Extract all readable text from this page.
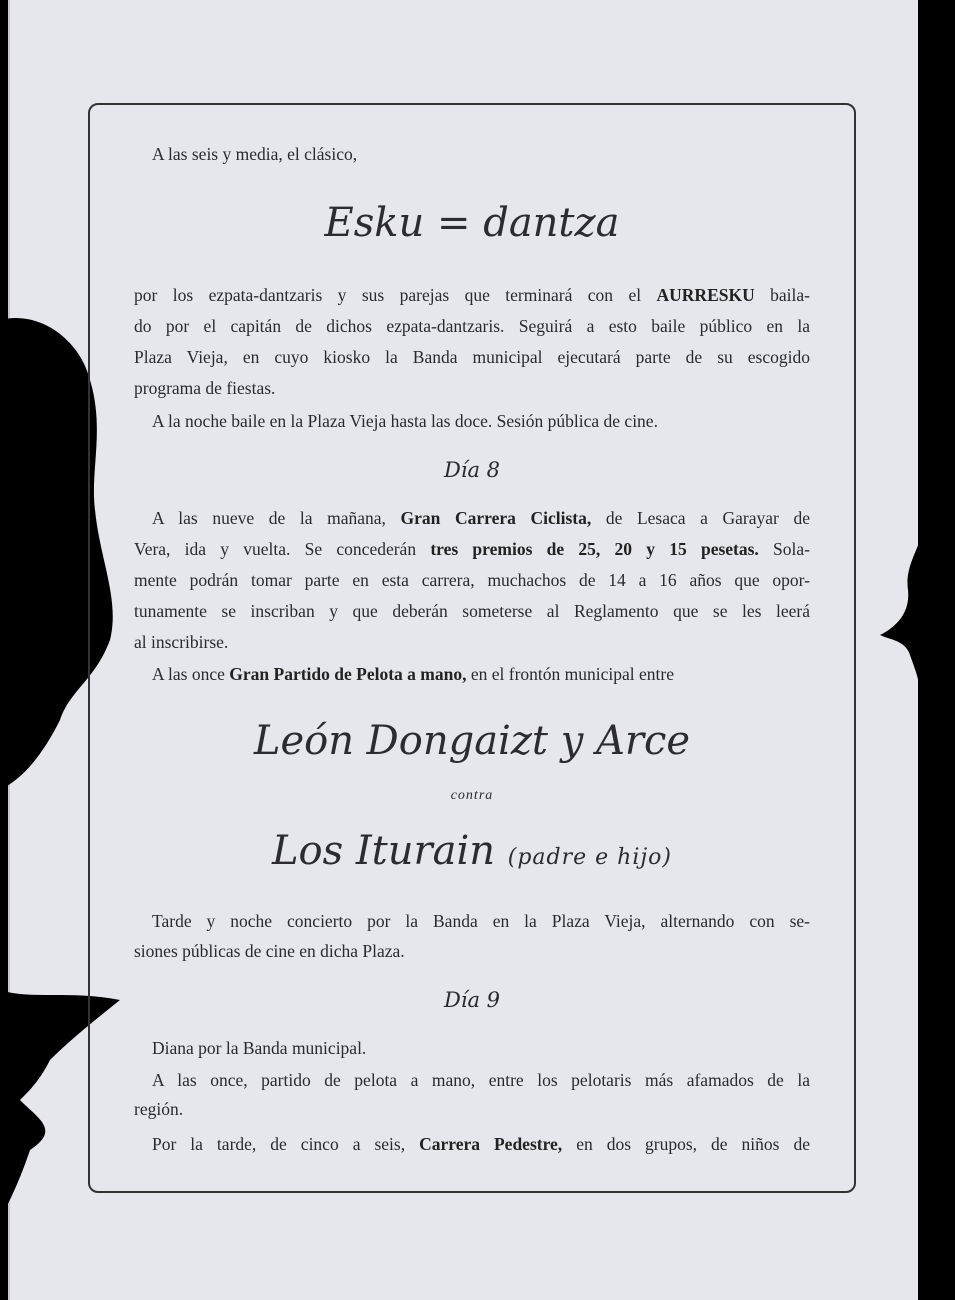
A las seis y media, el clásico,
Esku = dantza
por los ezpata-dantzaris y sus parejas que terminará con el AURRESKU baila-
do por el capitán de dichos ezpata-dantzaris. Seguirá a esto baile público en la
Plaza Vieja, en cuyo kiosko la Banda municipal ejecutará parte de su escogido
programa de fiestas.
A la noche baile en la Plaza Vieja hasta las doce. Sesión pública de cine.
Día 8
A las nueve de la mañana, Gran Carrera Ciclista, de Lesaca a Garayar de
Vera, ida y vuelta. Se concederán tres premios de 25, 20 y 15 pesetas. Sola-
mente podrán tomar parte en esta carrera, muchachos de 14 a 16 años que opor-
tunamente se inscriban y que deberán someterse al Reglamento que se les leerá
al inscribirse.
A las once Gran Partido de Pelota a mano, en el frontón municipal entre
León Dongaizt y Arce
contra
Los Iturain (padre e hijo)
Tarde y noche concierto por la Banda en la Plaza Vieja, alternando con se-
siones públicas de cine en dicha Plaza.
Día 9
Diana por la Banda municipal.
A las once, partido de pelota a mano, entre los pelotaris más afamados de la
región.
Por la tarde, de cinco a seis, Carrera Pedestre, en dos grupos, de niños de
